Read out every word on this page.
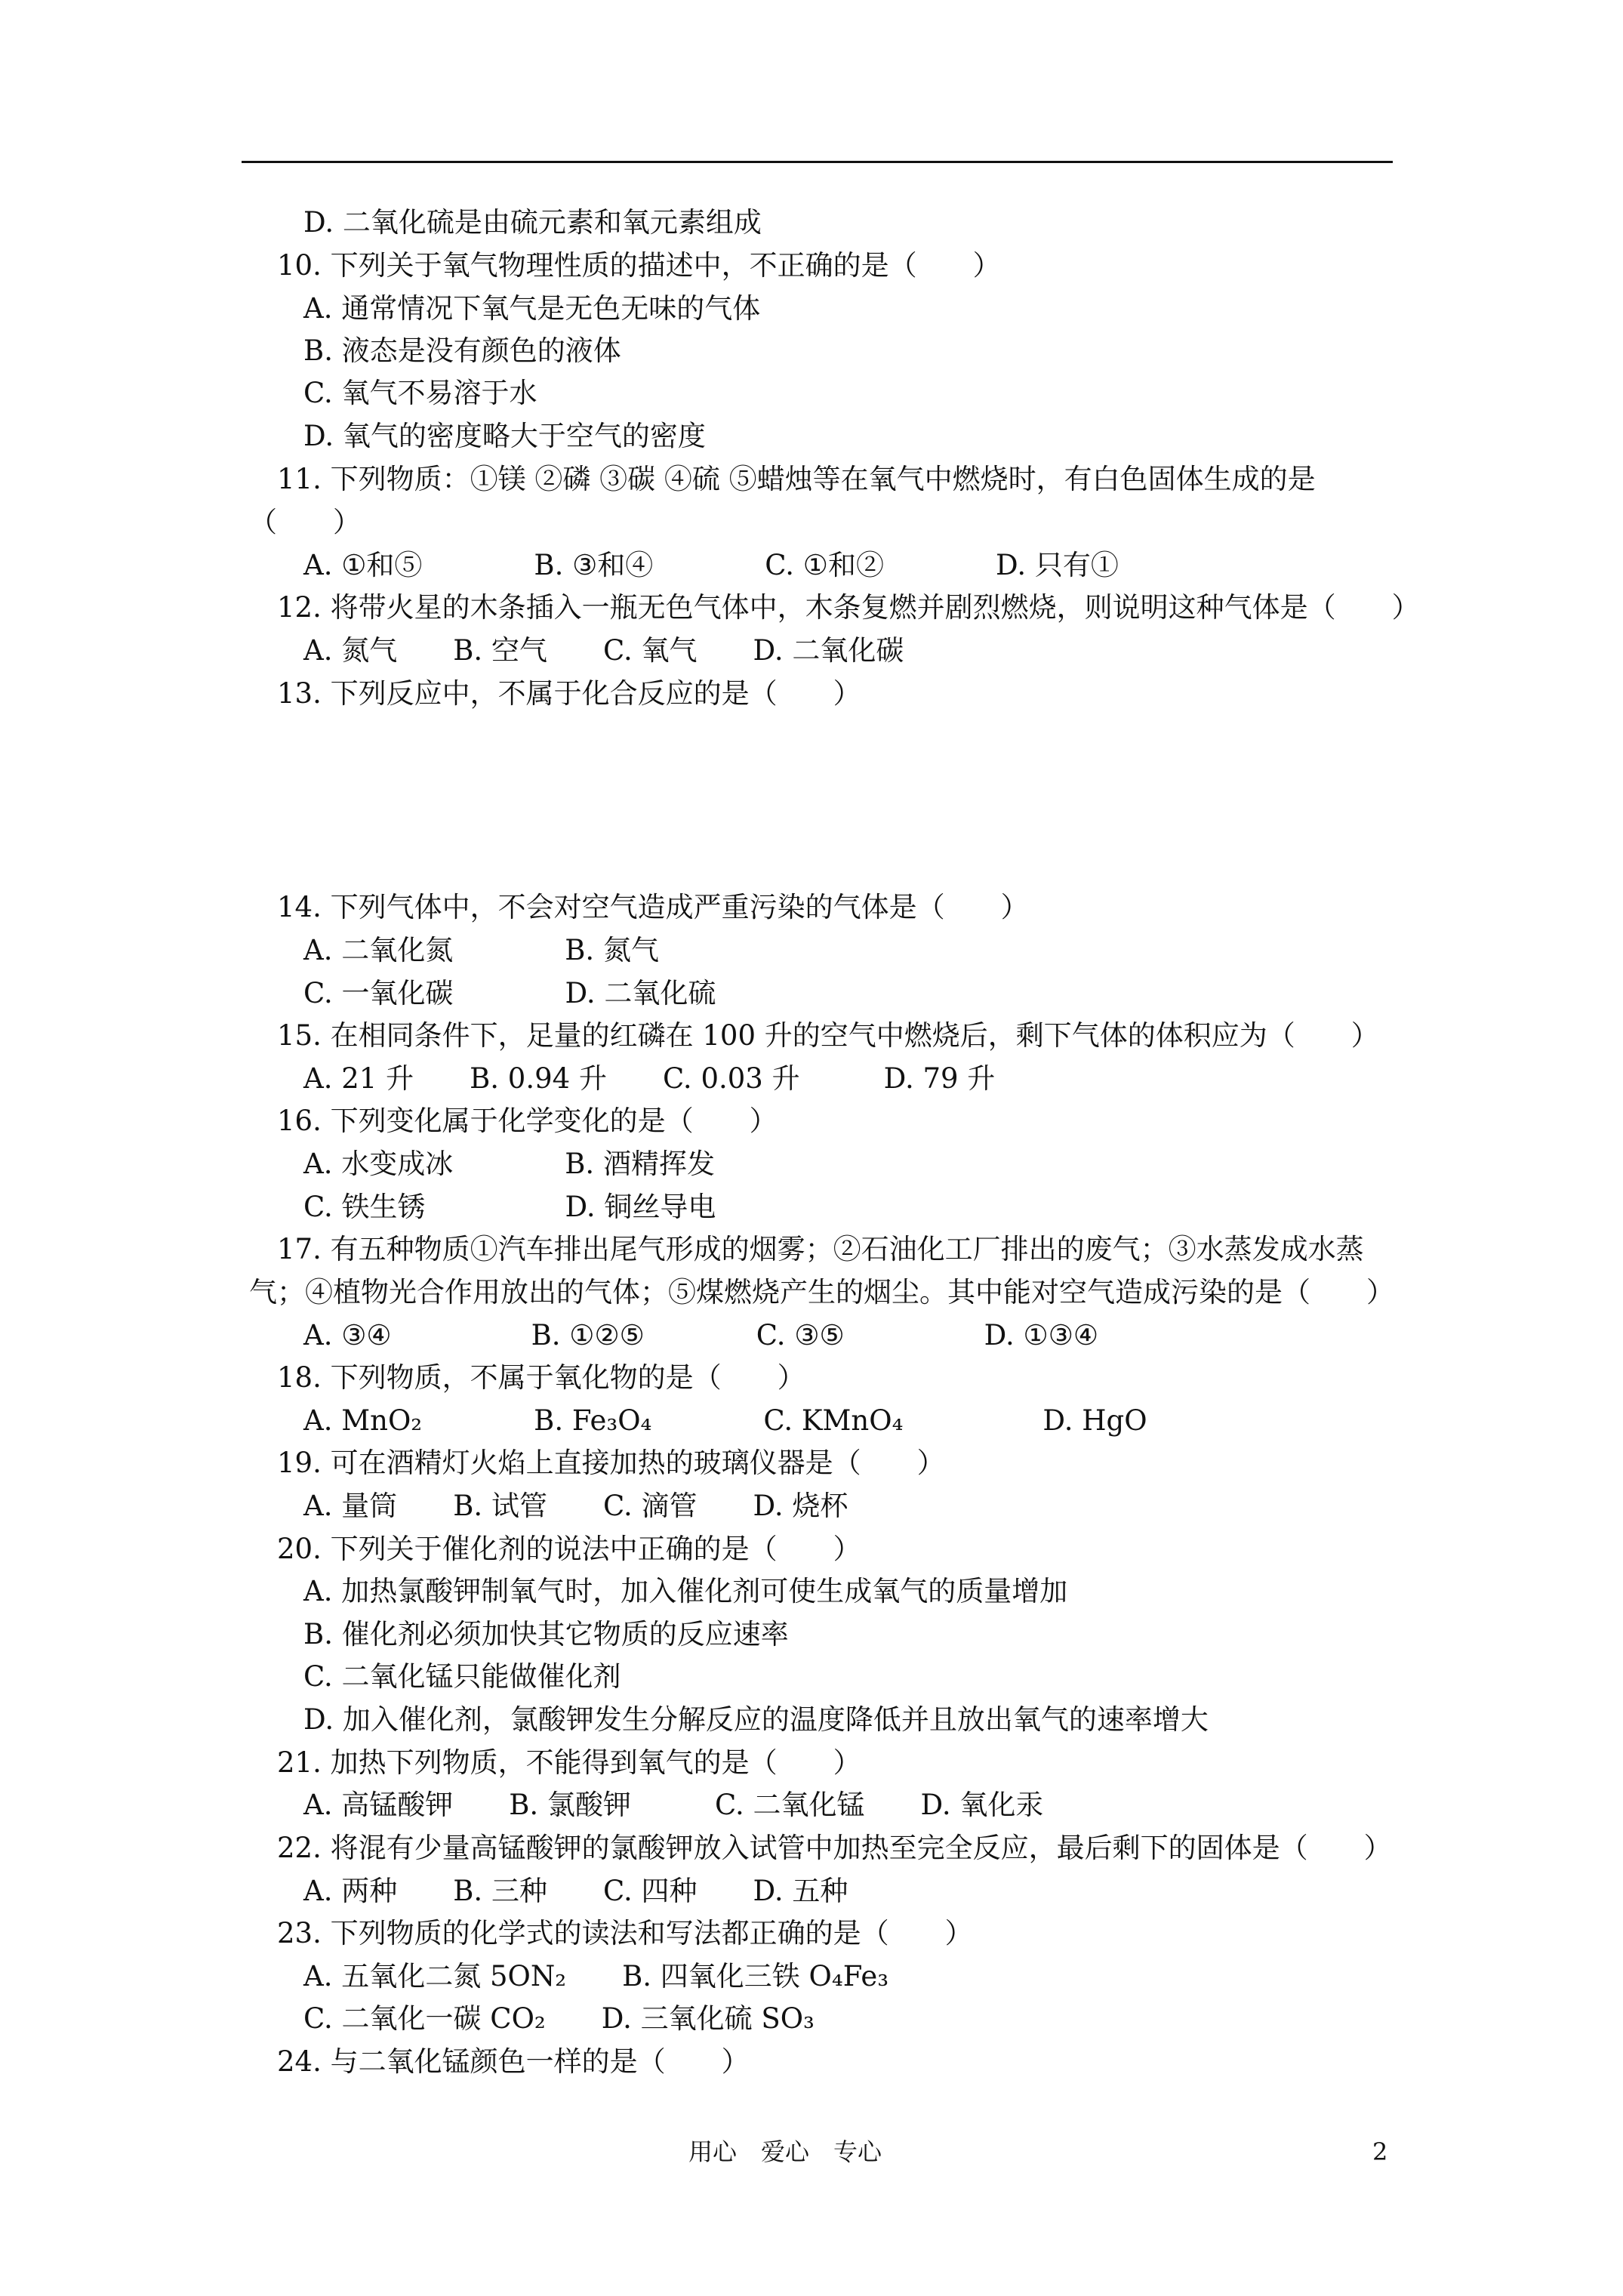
D. 二氧化硫是由硫元素和氧元素组成
10. 下列关于氧气物理性质的描述中，不正确的是（　　）
A. 通常情况下氧气是无色无味的气体
B. 液态是没有颜色的液体
C. 氧气不易溶于水
D. 氧气的密度略大于空气的密度
11. 下列物质：①镁 ②磷 ③碳 ④硫 ⑤蜡烛等在氧气中燃烧时，有白色固体生成的是
（　　）
A. ①和⑤　　　　B. ③和④　　　　C. ①和②　　　　D. 只有①
12. 将带火星的木条插入一瓶无色气体中，木条复燃并剧烈燃烧，则说明这种气体是（　　）
A. 氮气　　B. 空气　　C. 氧气　　D. 二氧化碳
13. 下列反应中，不属于化合反应的是（　　）
14. 下列气体中，不会对空气造成严重污染的气体是（　　）
A. 二氧化氮　　　　B. 氮气
C. 一氧化碳　　　　D. 二氧化硫
15. 在相同条件下，足量的红磷在 100 升的空气中燃烧后，剩下气体的体积应为（　　）
A. 21 升　　B. 0.94 升　　C. 0.03 升　　　D. 79 升
16. 下列变化属于化学变化的是（　　）
A. 水变成冰　　　　B. 酒精挥发
C. 铁生锈　　　　　D. 铜丝导电
17. 有五种物质①汽车排出尾气形成的烟雾；②石油化工厂排出的废气；③水蒸发成水蒸
气；④植物光合作用放出的气体；⑤煤燃烧产生的烟尘。其中能对空气造成污染的是（　　）
A. ③④　　　　　B. ①②⑤　　　　C. ③⑤　　　　　D. ①③④
18. 下列物质，不属于氧化物的是（　　）
A. MnO₂　　　　B. Fe₃O₄　　　　C. KMnO₄　　　　　D. HgO
19. 可在酒精灯火焰上直接加热的玻璃仪器是（　　）
A. 量筒　　B. 试管　　C. 滴管　　D. 烧杯
20. 下列关于催化剂的说法中正确的是（　　）
A. 加热氯酸钾制氧气时，加入催化剂可使生成氧气的质量增加
B. 催化剂必须加快其它物质的反应速率
C. 二氧化锰只能做催化剂
D. 加入催化剂，氯酸钾发生分解反应的温度降低并且放出氧气的速率增大
21. 加热下列物质，不能得到氧气的是（　　）
A. 高锰酸钾　　B. 氯酸钾　　　C. 二氧化锰　　D. 氧化汞
22. 将混有少量高锰酸钾的氯酸钾放入试管中加热至完全反应，最后剩下的固体是（　　）
A. 两种　　B. 三种　　C. 四种　　D. 五种
23. 下列物质的化学式的读法和写法都正确的是（　　）
A. 五氧化二氮 5ON₂　　B. 四氧化三铁 O₄Fe₃
C. 二氧化一碳 CO₂　　D. 三氧化硫 SO₃
24. 与二氧化锰颜色一样的是（　　）
用心　爱心　专心	2
